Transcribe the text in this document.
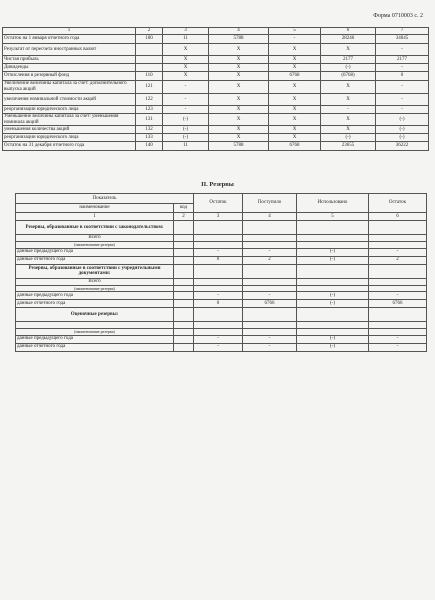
Форма 0710003 с. 2
1	2	3	4	5	6	7
Остаток на 1 января отчетного года	100	11	5788	-	28246	34045
Результат от пересчета иностранных валют		X	X	X	X	-
Чистая прибыль		X	X	X	2177	2177
Дивиденды		X	X	X	(-)	-
Отчисления в резервный фонд	110	X	X	6768	(6768)	0
Увеличение величины капитала за счет: дополнительного выпуска акций	121	-	X	X	X	-
увеличения номинальной стоимости акций	122	-	X	X	X	-
реорганизации юридического лица	123	-	X	X	-	-
Уменьшение величины капитала за счет: уменьшения номинала акций	131	(-)	X	X	X	(-)
уменьшения количества акций	132	(-)	X	X	X	(-)
реорганизации юридического лица	133	(-)	X	X	(-)	(-)
Остаток на 31 декабря отчетного года	140	11	5788	6768	23655	36222
II. Резервы
Показатель		Остаток	Поступило	Использовано	Остаток
наименование	код				
1	2	3	4	5	6
Резервы, образованные в соответствии с законодательством:					
Всего					
(наименование резерва)					
данные предыдущего года		-	-	(-)	-
данные отчетного года		0	2	(-)	2
Резервы, образованные в соответствии с учредительными документами:					
Всего					
(наименование резерва)					
данные предыдущего года		-	-	(-)	-
данные отчетного года		0	6766	(-)	6766
Оценочные резервы:					

(наименование резерва)					
данные предыдущего года		-	-	(-)	-
данные отчетного года		-	-	(-)	-
